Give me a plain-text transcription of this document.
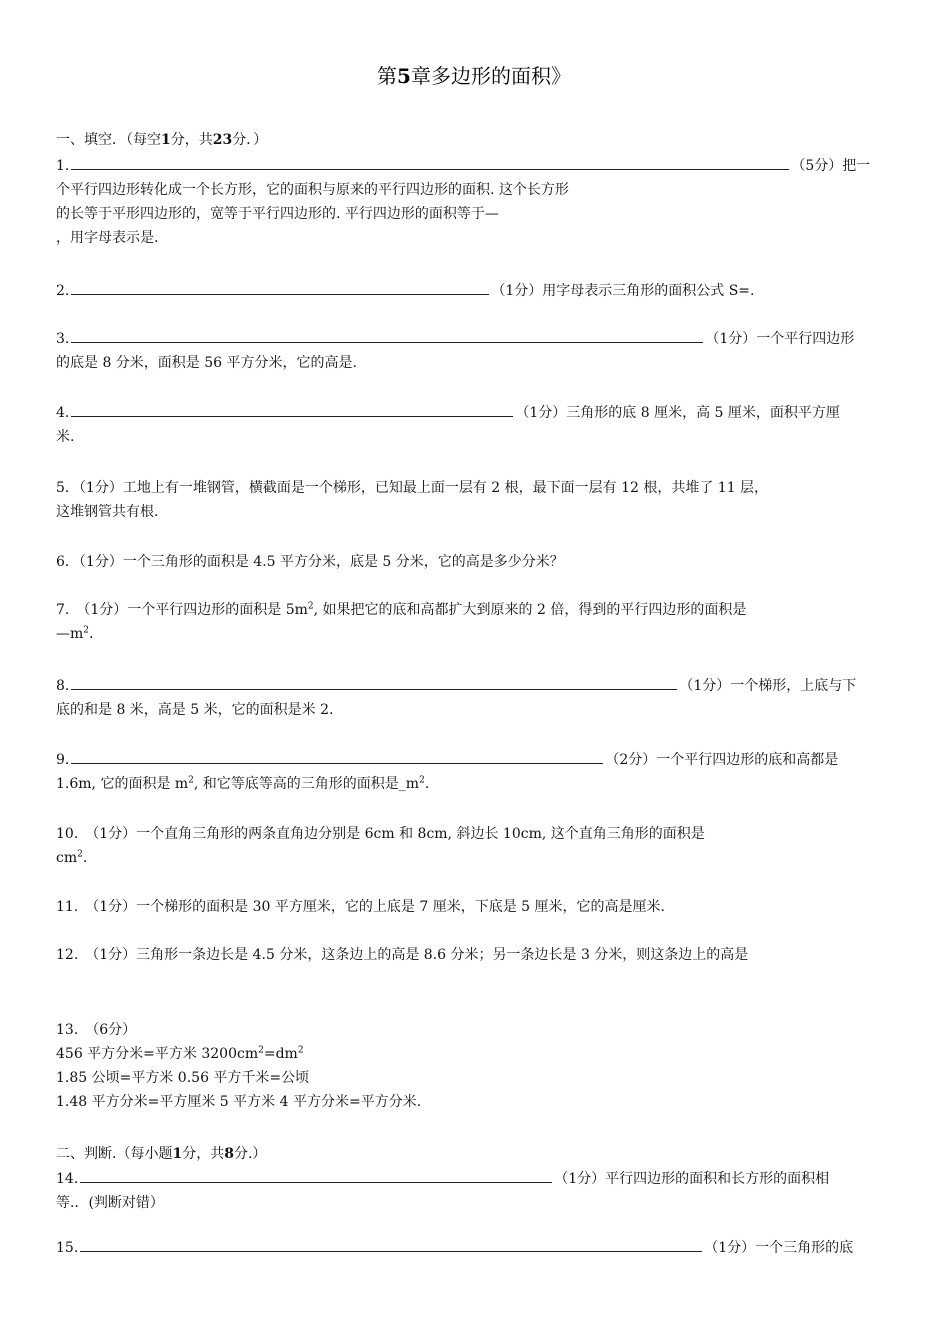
第5章多边形的面积》
一、填空．（每空1分，共23分．）
1.	（5分）把一
个平行四边形转化成一个长方形，它的面积与原来的平行四边形的面积. 这个长方形
的长等于平形四边形的，宽等于平行四边形的. 平行四边形的面积等于—
，用字母表示是.
2.	（1分）用字母表示三角形的面积公式 S=.
3.	（1分）一个平行四边形
的底是 8 分米，面积是 56 平方分米，它的高是.
4.	（1分）三角形的底 8 厘米，高 5 厘米，面积平方厘
米.
5．（1分）工地上有一堆钢管，横截面是一个梯形，已知最上面一层有 2 根，最下面一层有 12 根，共堆了 11 层，
这堆钢管共有根.
6．（1分）一个三角形的面积是 4.5 平方分米，底是 5 分米，它的高是多少分米？
7.　（1分）一个平行四边形的面积是 $5m^2$, 如果把它的底和高都扩大到原来的 2 倍，得到的平行四边形的面积是
$—m^2$.
8.	（1分）一个梯形，上底与下
底的和是 8 米，高是 5 米，它的面积是米 2.
9.	（2分）一个平行四边形的底和高都是
1.6m, 它的面积是 $m^2$, 和它等底等高的三角形的面积是$\_m^2$.
10.　（1分）一个直角三角形的两条直角边分别是 6cm 和 8cm, 斜边长 10cm, 这个直角三角形的面积是
$cm^2$.
11.　（1分）一个梯形的面积是 30 平方厘米，它的上底是 7 厘米，下底是 5 厘米，它的高是厘米.
12.　（1分）三角形一条边长是 4.5 分米，这条边上的高是 8.6 分米；另一条边长是 3 分米，则这条边上的高是
13.　（6分）
456 平方分米=平方米 $3200cm^2=dm^2$
1.85 公顷=平方米 0.56 平方千米=公顷
1.48 平方分米=平方厘米 5 平方米 4 平方分米=平方分米.
二、判断.（每小题1分，共8分.）
14.	（1分）平行四边形的面积和长方形的面积相
等.．(判断对错）
15.	（1分）一个三角形的底
